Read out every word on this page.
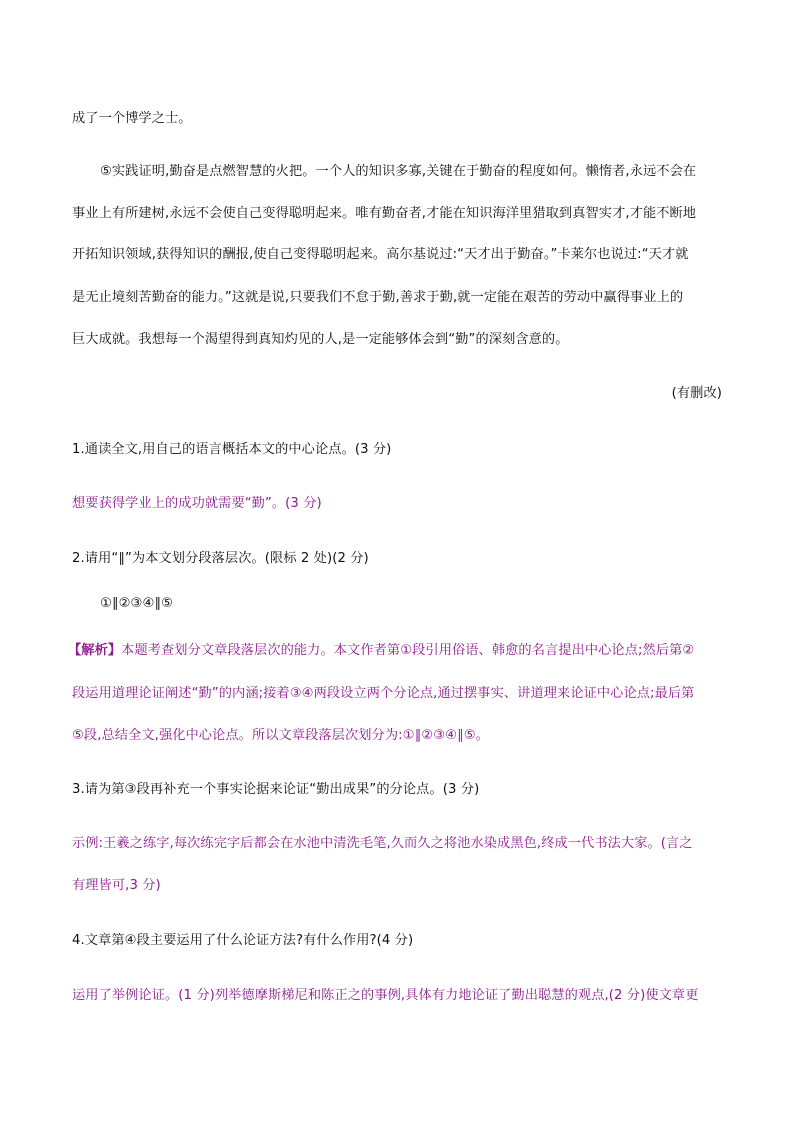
成了一个博学之士。
⑤实践证明,勤奋是点燃智慧的火把。一个人的知识多寡,关键在于勤奋的程度如何。懒惰者,永远不会在
事业上有所建树,永远不会使自己变得聪明起来。唯有勤奋者,才能在知识海洋里猎取到真智实才,才能不断地
开拓知识领域,获得知识的酬报,使自己变得聪明起来。高尔基说过:“天才出于勤奋。”卡莱尔也说过:“天才就
是无止境刻苦勤奋的能力。”这就是说,只要我们不怠于勤,善求于勤,就一定能在艰苦的劳动中赢得事业上的
巨大成就。我想每一个渴望得到真知灼见的人,是一定能够体会到“勤”的深刻含意的。
(有删改)
1.通读全文,用自己的语言概括本文的中心论点。(3 分)
想要获得学业上的成功就需要“勤”。(3 分)
2.请用“∥”为本文划分段落层次。(限标 2 处)(2 分)
①∥②③④∥⑤
【解析】本题考查划分文章段落层次的能力。本文作者第①段引用俗语、韩愈的名言提出中心论点;然后第②
段运用道理论证阐述“勤”的内涵;接着③④两段设立两个分论点,通过摆事实、讲道理来论证中心论点;最后第
⑤段,总结全文,强化中心论点。所以文章段落层次划分为:①∥②③④∥⑤。
3.请为第③段再补充一个事实论据来论证“勤出成果”的分论点。(3 分)
示例:王羲之练字,每次练完字后都会在水池中清洗毛笔,久而久之将池水染成黑色,终成一代书法大家。(言之
有理皆可,3 分)
4.文章第④段主要运用了什么论证方法?有什么作用?(4 分)
运用了举例论证。(1 分)列举德摩斯梯尼和陈正之的事例,具体有力地论证了勤出聪慧的观点,(2 分)使文章更
